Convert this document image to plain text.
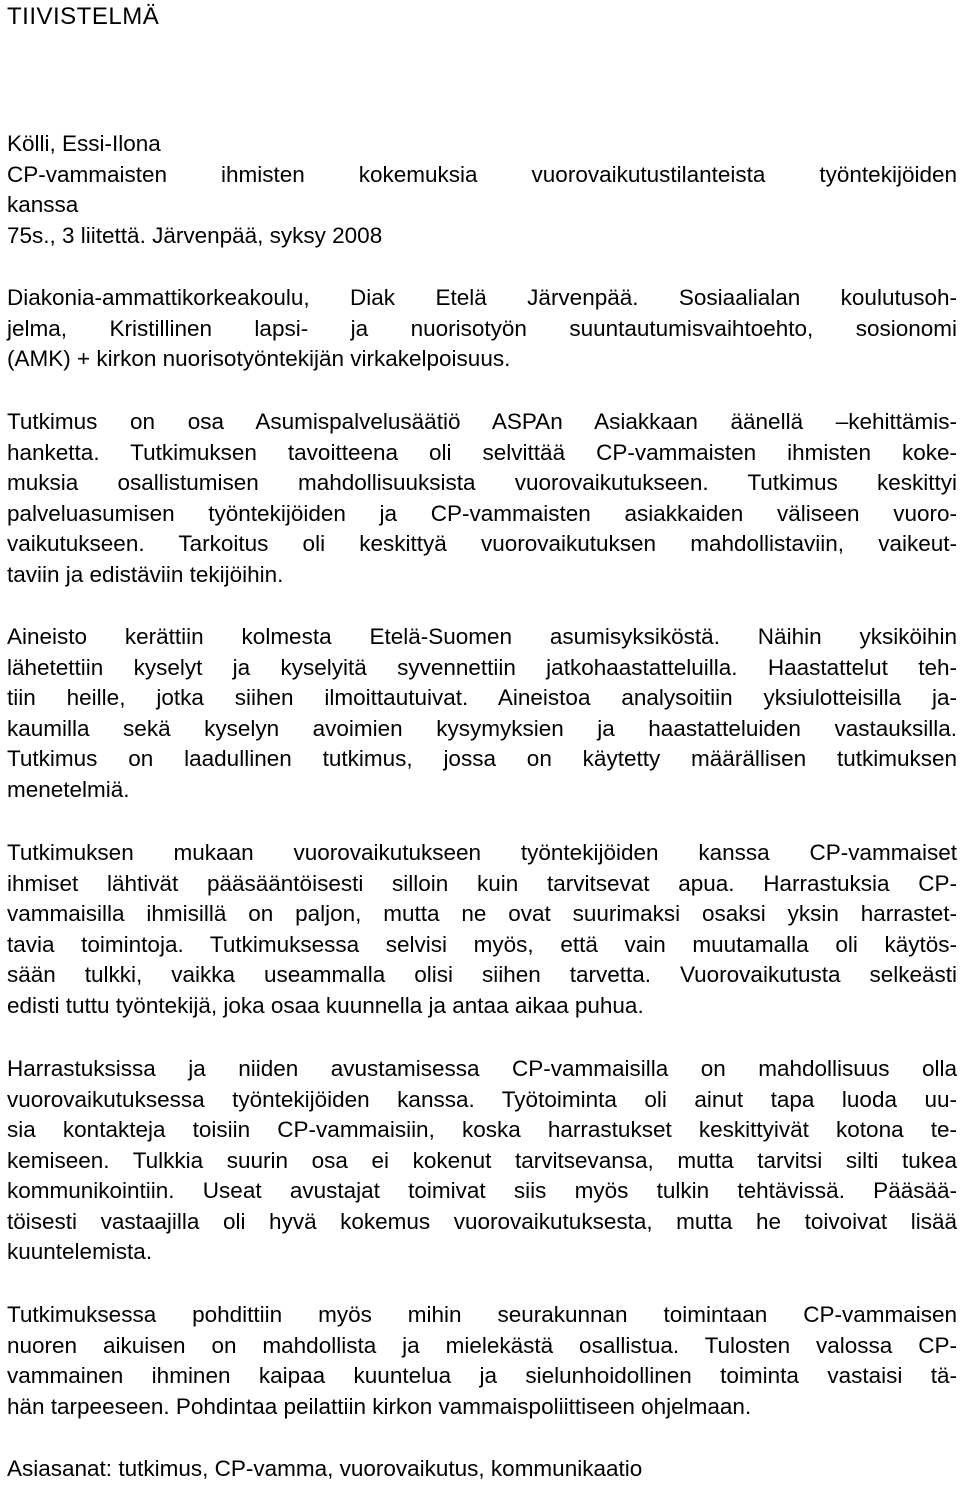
TIIVISTELMÄ
Kölli, Essi-Ilona
CP-vammaisten ihmisten kokemuksia vuorovaikutustilanteista työntekijöiden
kanssa
75s., 3 liitettä. Järvenpää, syksy 2008
Diakonia-ammattikorkeakoulu, Diak Etelä Järvenpää. Sosiaalialan koulutusoh-
jelma, Kristillinen lapsi- ja nuorisotyön suuntautumisvaihtoehto, sosionomi
(AMK) + kirkon nuorisotyöntekijän virkakelpoisuus.
Tutkimus on osa Asumispalvelusäätiö ASPAn Asiakkaan äänellä –kehittämis-
hanketta. Tutkimuksen tavoitteena oli selvittää CP-vammaisten ihmisten koke-
muksia osallistumisen mahdollisuuksista vuorovaikutukseen. Tutkimus keskittyi
palveluasumisen työntekijöiden ja CP-vammaisten asiakkaiden väliseen vuoro-
vaikutukseen. Tarkoitus oli keskittyä vuorovaikutuksen mahdollistaviin, vaikeut-
taviin ja edistäviin tekijöihin.
Aineisto kerättiin kolmesta Etelä-Suomen asumisyksiköstä. Näihin yksiköihin
lähetettiin kyselyt ja kyselyitä syvennettiin jatkohaastatteluilla. Haastattelut teh-
tiin heille, jotka siihen ilmoittautuivat. Aineistoa analysoitiin yksiulotteisilla ja-
kaumilla sekä kyselyn avoimien kysymyksien ja haastatteluiden vastauksilla.
Tutkimus on laadullinen tutkimus, jossa on käytetty määrällisen tutkimuksen
menetelmiä.
Tutkimuksen mukaan vuorovaikutukseen työntekijöiden kanssa CP-vammaiset
ihmiset lähtivät pääsääntöisesti silloin kuin tarvitsevat apua. Harrastuksia CP-
vammaisilla ihmisillä on paljon, mutta ne ovat suurimaksi osaksi yksin harrastet-
tavia toimintoja. Tutkimuksessa selvisi myös, että vain muutamalla oli käytös-
sään tulkki, vaikka useammalla olisi siihen tarvetta. Vuorovaikutusta selkeästi
edisti tuttu työntekijä, joka osaa kuunnella ja antaa aikaa puhua.
Harrastuksissa ja niiden avustamisessa CP-vammaisilla on mahdollisuus olla
vuorovaikutuksessa työntekijöiden kanssa. Työtoiminta oli ainut tapa luoda uu-
sia kontakteja toisiin CP-vammaisiin, koska harrastukset keskittyivät kotona te-
kemiseen. Tulkkia suurin osa ei kokenut tarvitsevansa, mutta tarvitsi silti tukea
kommunikointiin. Useat avustajat toimivat siis myös tulkin tehtävissä. Pääsää-
töisesti vastaajilla oli hyvä kokemus vuorovaikutuksesta, mutta he toivoivat lisää
kuuntelemista.
Tutkimuksessa pohdittiin myös mihin seurakunnan toimintaan CP-vammaisen
nuoren aikuisen on mahdollista ja mielekästä osallistua. Tulosten valossa CP-
vammainen ihminen kaipaa kuuntelua ja sielunhoidollinen toiminta vastaisi tä-
hän tarpeeseen. Pohdintaa peilattiin kirkon vammaispoliittiseen ohjelmaan.
Asiasanat: tutkimus, CP-vamma, vuorovaikutus, kommunikaatio
